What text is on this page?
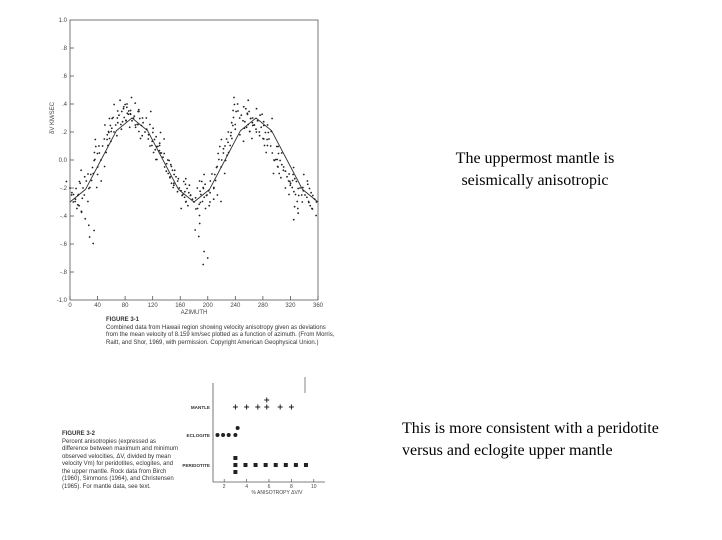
.8
.6
.4
.2
0.0
-.2
-.4
-.6
-.8
1.0
-1.0
0	40	80	120	160	200	240	280	320	360
AZIMUTH
δV KM/SEC
FIGURE 3-1
Combined data from Hawaii region showing velocity anisotropy given as deviations from the mean velocity of 8.159 km/sec plotted as a function of azimuth. (From Morris, Raitt, and Shor, 1969, with permission. Copyright American Geophysical Union.)
MANTLE
ECLOGITE
PERIDOTITE
2	4	6	8	10
% ANISOTROPY ΔV/V
FIGURE 3-2
Percent anisotropies (expressed as difference between maximum and minimum observed velocities, ΔV, divided by mean velocity Vm) for peridotites, eclogites, and the upper mantle. Rock data from Birch (1960), Simmons (1964), and Christensen (1965). For mantle data, see text.
The uppermost mantle is
seismically anisotropic
This is more consistent with a peridotite
versus and eclogite upper mantle
